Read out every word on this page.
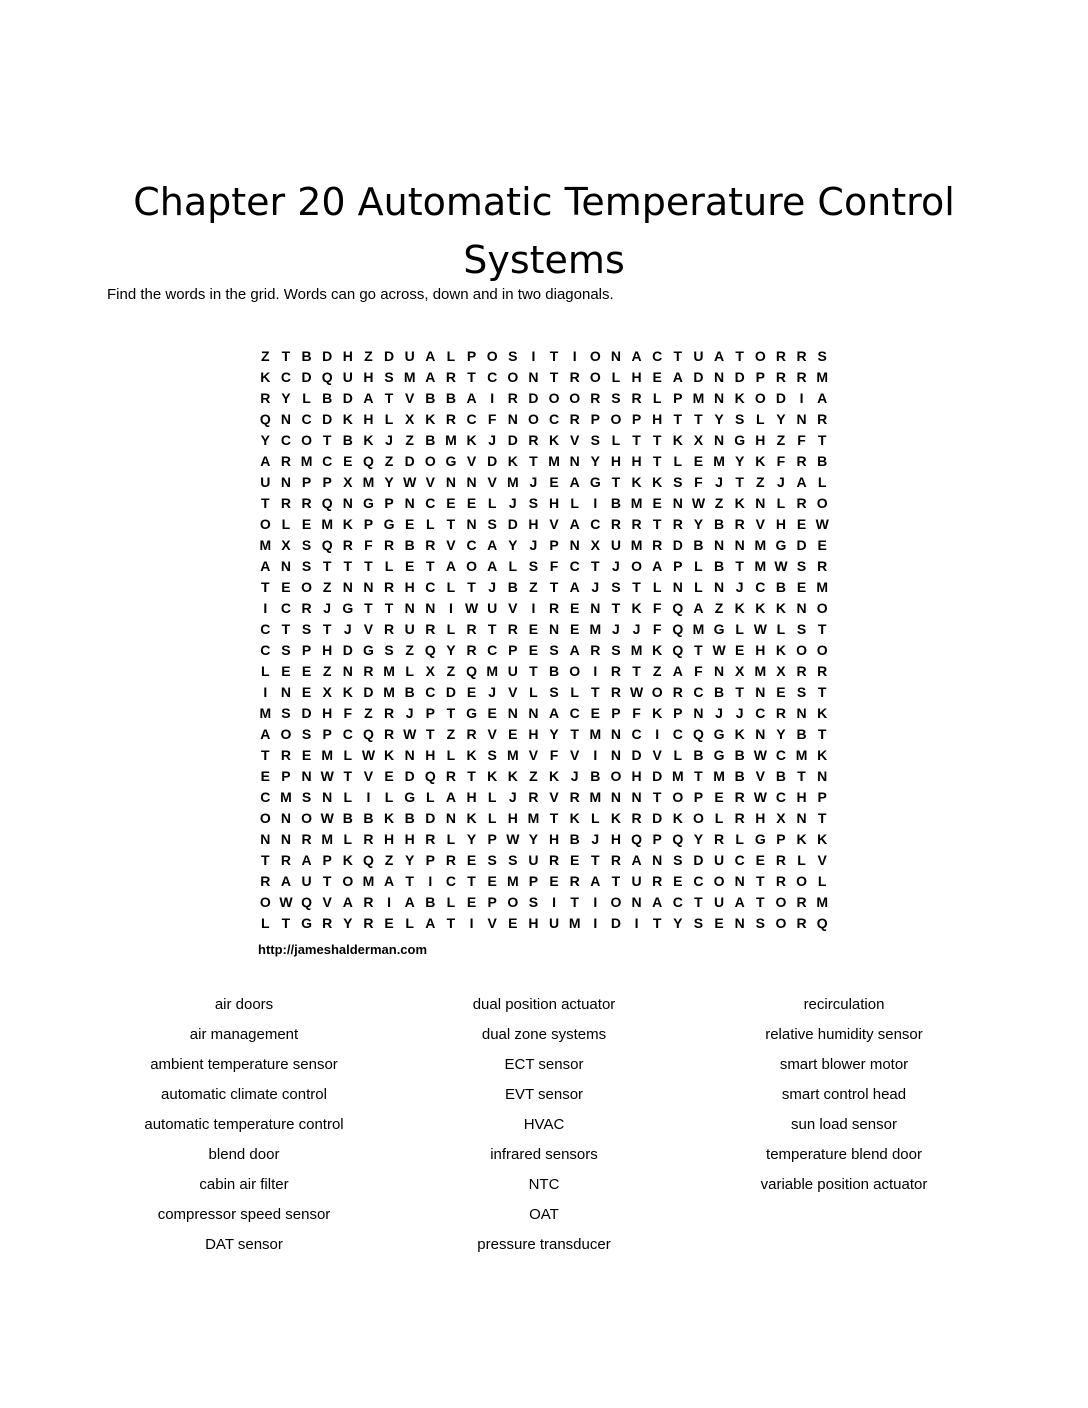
Chapter 20 Automatic Temperature Control
Systems
Find the words in the grid. Words can go across, down and in two diagonals.
Z T B D H Z D U A L P O S	I	T	I O N A C T U A T O R R S
K C D Q U H S M A R T C O N T R O L H E A D N D P R R M
R Y L B D A T V B B A I R D O O R S R L P M N K O D I A
Q N C D K H L X K R C F N O C R P O P H T T Y S L Y N R
Y C O T B K J Z B M K J D R K V S L T T K X N G H Z F T
A R M C E Q Z D O G V D K T M N Y H H T L E M Y K F R B
U N P P X M Y W V N N V M J E A G T K K S F J T Z J A L
T R R Q N G P N C E E L J S H L	I B M E N W Z K N L R O
O L E M K P G E L T N S D H V A C R R T R Y B R V H E W
M X S Q R F R B R V C A Y J P N X U M R D B N N M G D E
A N S T T T L E T A O A L S F C T J O A P L B T M W S R
T E O Z N N R H C L T J B Z T A J S T L N L N J C B E M
I C R J G T T N N I W U V	I R E N T K F Q A Z K K K N O
C T S T J V R U R L R T R E N E M J J F Q M G L W L S T
C S P H D G S Z Q Y R C P E S A R S M K Q T W E H K O O
L E E Z N R M L X Z Q M U T B O I R T Z A F N X M X R R
I N E X K D M B C D E J V L S L T R W O R C B T N E S T
M S D H F Z R J P T G E N N A C E P F K P N J J C R N K
A O S P C Q R W T Z R V E H Y T M N C I C Q G K N Y B T
T R E M L W K N H L K S M V F V	I N D V L B G B W C M K
E P N W T V E D Q R T K K Z K J B O H D M T M B V B T N
C M S N L	I	L G L A H L J R V R M N N T O P E R W C H P
O N O W B B K B D N K L H M T K L K R D K O L R H X N T
N N R M L R H H R L Y P W Y H B J H Q P Q Y R L G P K K
T R A P K Q Z Y P R E S S U R E T R A N S D U C E R L V
R A U T O M A T	I C T E M P E R A T U R E C O N T R O L
O W Q V A R I A B L E P O S	I	T	I O N A C T U A T O R M
L T G R Y R E L A T	I	V E H U M I D I	T Y S E N S O R Q
http://jameshalderman.com
air doors
air management
ambient temperature sensor
automatic climate control
automatic temperature control
blend door
cabin air filter
compressor speed sensor
DAT sensor
dual position actuator
dual zone systems
ECT sensor
EVT sensor
HVAC
infrared sensors
NTC
OAT
pressure transducer
recirculation
relative humidity sensor
smart blower motor
smart control head
sun load sensor
temperature blend door
variable position actuator
